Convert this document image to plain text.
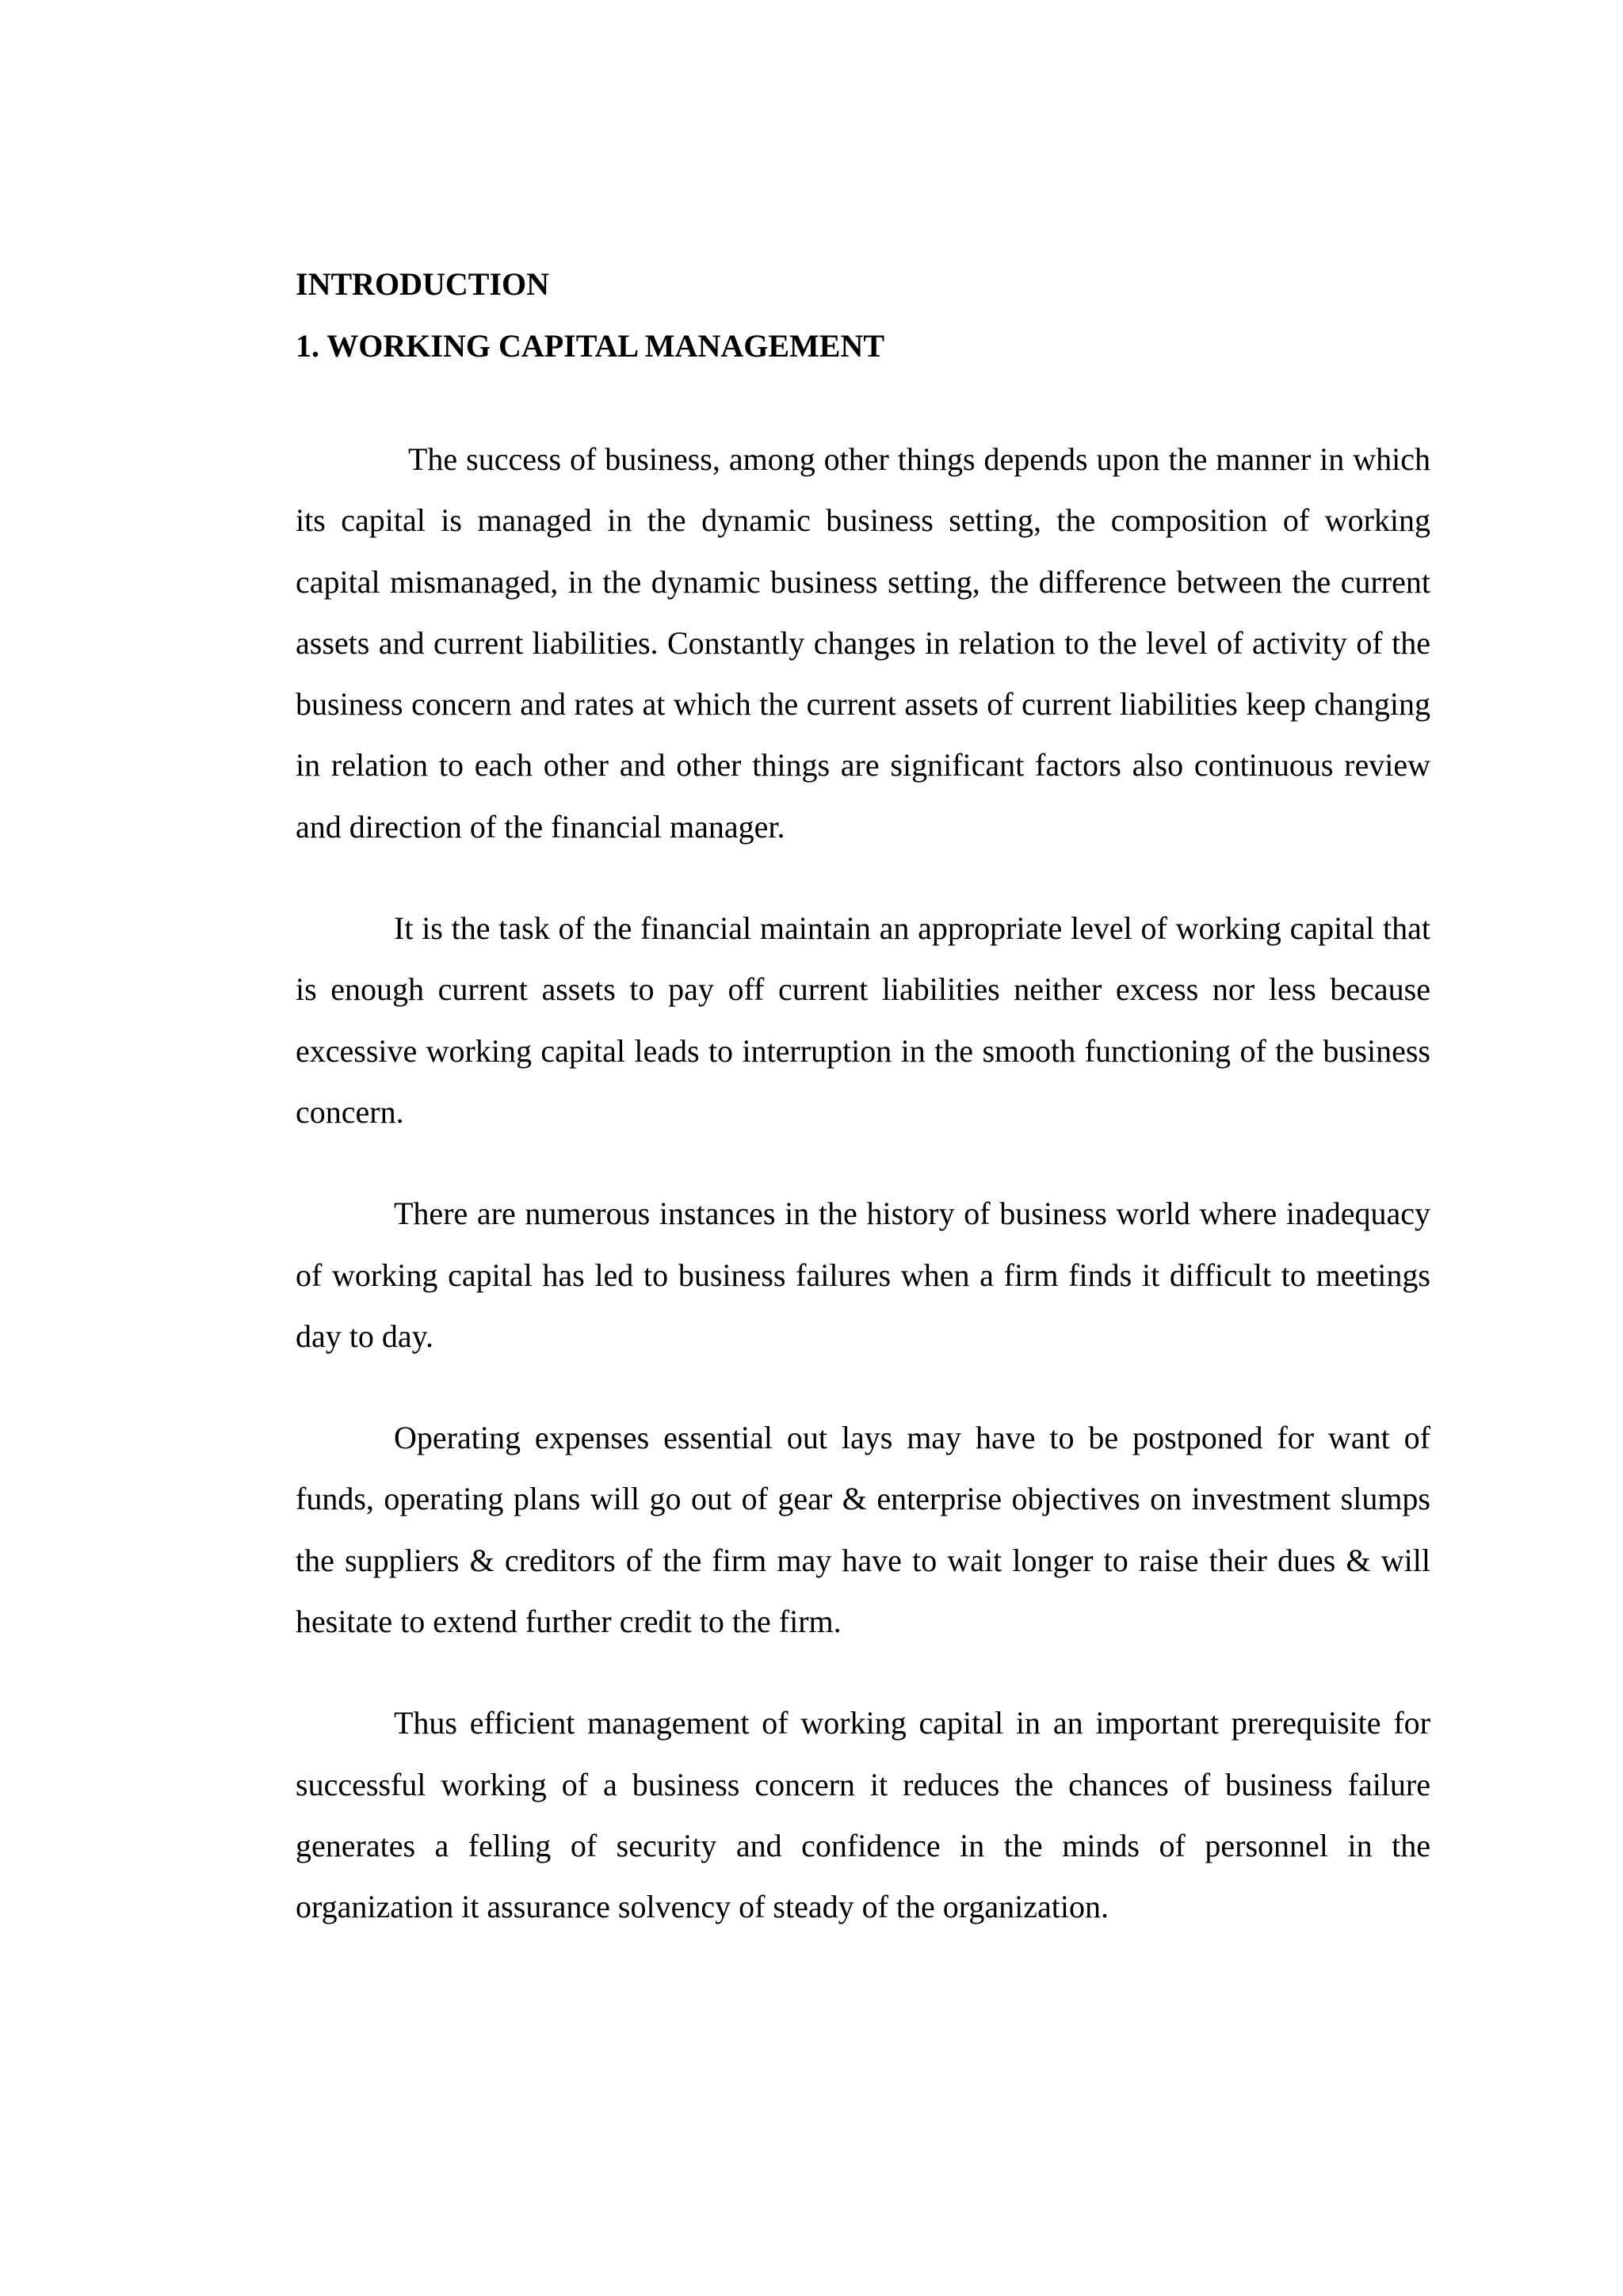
INTRODUCTION
1. WORKING CAPITAL MANAGEMENT

The success of business, among other things depends upon the manner in which its capital is managed in the dynamic business setting, the composition of working capital mismanaged, in the dynamic business setting, the difference between the current assets and current liabilities. Constantly changes in relation to the level of activity of the business concern and rates at which the current assets of current liabilities keep changing in relation to each other and other things are significant factors also continuous review and direction of the financial manager.

It is the task of the financial maintain an appropriate level of working capital that is enough current assets to pay off current liabilities neither excess nor less because excessive working capital leads to interruption in the smooth functioning of the business concern.

There are numerous instances in the history of business world where inadequacy of working capital has led to business failures when a firm finds it difficult to meetings day to day.

Operating expenses essential out lays may have to be postponed for want of funds, operating plans will go out of gear & enterprise objectives on investment slumps the suppliers & creditors of the firm may have to wait longer to raise their dues & will hesitate to extend further credit to the firm.

Thus efficient management of working capital in an important prerequisite for successful working of a business concern it reduces the chances of business failure generates a felling of security and confidence in the minds of personnel in the organization it assurance solvency of steady of the organization.
